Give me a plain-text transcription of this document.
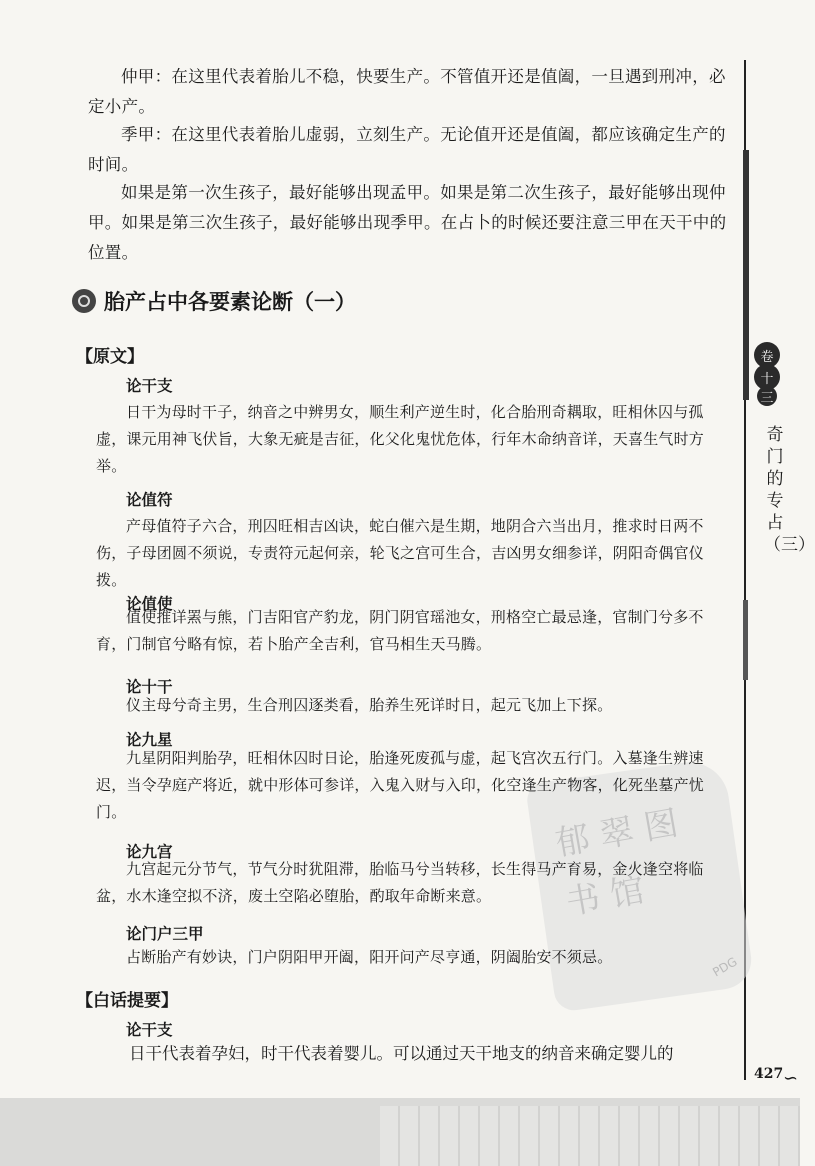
郁 翠 图 书 馆
PDG
仲甲：在这里代表着胎儿不稳，快要生产。不管值开还是值阖，一旦遇到刑冲，必定小产。
季甲：在这里代表着胎儿虚弱，立刻生产。无论值开还是值阖，都应该确定生产的时间。
如果是第一次生孩子，最好能够出现孟甲。如果是第二次生孩子，最好能够出现仲甲。如果是第三次生孩子，最好能够出现季甲。在占卜的时候还要注意三甲在天干中的位置。
胎产占中各要素论断（一）
【原文】
论干支
日干为母时干子，纳音之中辨男女，顺生利产逆生时，化合胎刑奇耦取，旺相休囚与孤虚，课元用神飞伏旨，大象无疵是吉征，化父化鬼忧危体，行年木命纳音详，天喜生气时方举。
论值符
产母值符子六合，刑囚旺相吉凶诀，蛇白催六是生期，地阴合六当出月，推求时日两不伤，子母团圆不须说，专责符元起何亲，轮飞之宫可生合，吉凶男女细参详，阴阳奇偶官仪拨。
论值使
值使推详罴与熊，门吉阳官产豹龙，阴门阴官瑶池女，刑格空亡最忌逢，官制门兮多不育，门制官兮略有惊，若卜胎产全吉利，官马相生天马腾。
论十干
仪主母兮奇主男，生合刑囚逐类看，胎养生死详时日，起元飞加上下探。
论九星
九星阴阳判胎孕，旺相休囚时日论，胎逢死废孤与虚，起飞宫次五行门。入墓逢生辨速迟，当令孕庭产将近，就中形体可参详，入鬼入财与入印，化空逢生产物客，化死坐墓产忧门。
论九宫
九宫起元分节气，节气分时犹阻滞，胎临马兮当转移，长生得马产育易，金火逢空将临盆，水木逢空拟不济，废土空陷必堕胎，酌取年命断来意。
论门户三甲
占断胎产有妙诀，门户阴阳甲开阖，阳开问产尽亨通，阴阖胎安不须忌。
【白话提要】
论干支
日干代表着孕妇，时干代表着婴儿。可以通过天干地支的纳音来确定婴儿的
卷
十
三
奇门的专占（三）
427 ∽
